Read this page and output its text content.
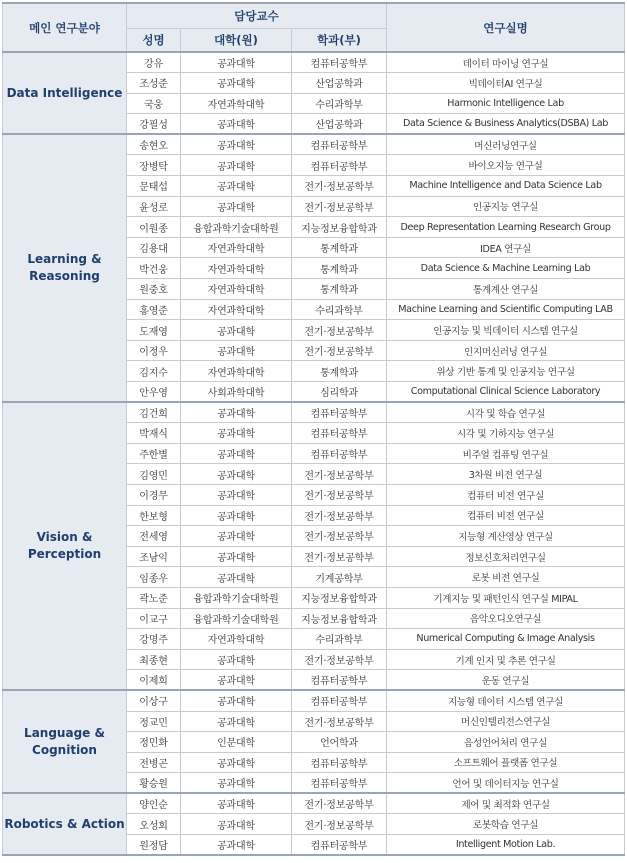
메인 연구분야	담당교수			연구실명
	성명	대학(원)	학과(부)	
Data Intelligence	강유	공과대학	컴퓨터공학부	데이터 마이닝 연구실
	조성준	공과대학	산업공학과	빅데이터AI 연구실
	국웅	자연과학대학	수리과학부	Harmonic Intelligence Lab
	강필성	공과대학	산업공학과	Data Science & Business Analytics(DSBA) Lab
Learning & Reasoning	송현오	공과대학	컴퓨터공학부	머신러닝연구실
	장병탁	공과대학	컴퓨터공학부	바이오지능 연구실
	문태섭	공과대학	전기·정보공학부	Machine Intelligence and Data Science Lab
	윤성로	공과대학	전기·정보공학부	인공지능 연구실
	이원종	융합과학기술대학원	지능정보융합학과	Deep Representation Learning Research Group
	김용대	자연과학대학	통계학과	IDEA 연구실
	박건웅	자연과학대학	통계학과	Data Science & Machine Learning Lab
	원중호	자연과학대학	통계학과	통계계산 연구실
	홍영준	자연과학대학	수리과학부	Machine Learning and Scientific Computing LAB
	도재영	공과대학	전기·정보공학부	인공지능 및 빅데이터 시스템 연구실
	이정우	공과대학	전기·정보공학부	인지머신러닝 연구실
	김지수	자연과학대학	통계학과	위상 기반 통계 및 인공지능 연구실
	안우영	사회과학대학	심리학과	Computational Clinical Science Laboratory
Vision & Perception	김건희	공과대학	컴퓨터공학부	시각 및 학습 연구실
	박재식	공과대학	컴퓨터공학부	시각 및 기하지능 연구실
	주한별	공과대학	컴퓨터공학부	비주얼 컴퓨팅 연구실
	김영민	공과대학	전기·정보공학부	3차원 비전 연구실
	이경무	공과대학	전기·정보공학부	컴퓨터 비전 연구실
	한보형	공과대학	전기·정보공학부	컴퓨터 비전 연구실
	전세영	공과대학	전기·정보공학부	지능형 계산영상 연구실
	조남익	공과대학	전기·정보공학부	정보신호처리연구실
	임종우	공과대학	기계공학부	로봇 비전 연구실
	곽노준	융합과학기술대학원	지능정보융합학과	기계지능 및 패턴인식 연구실 MIPAL
	이교구	융합과학기술대학원	지능정보융합학과	음악오디오연구실
	강명주	자연과학대학	수리과학부	Numerical Computing & Image Analysis
	최종현	공과대학	전기·정보공학부	기계 인지 및 추론 연구실
	이제희	공과대학	컴퓨터공학부	운동 연구실
Language & Cognition	이상구	공과대학	컴퓨터공학부	지능형 데이터 시스템 연구실
	정교민	공과대학	전기·정보공학부	머신인텔리전스연구실
	정민화	인문대학	언어학과	음성언어처리 연구실
	전병곤	공과대학	컴퓨터공학부	소프트웨어 플랫폼 연구실
	황승원	공과대학	컴퓨터공학부	언어 및 데이터지능 연구실
Robotics & Action	양인순	공과대학	전기·정보공학부	제어 및 최적화 연구실
	오성회	공과대학	전기·정보공학부	로봇학습 연구실
	원정담	공과대학	컴퓨터공학부	Intelligent Motion Lab.
